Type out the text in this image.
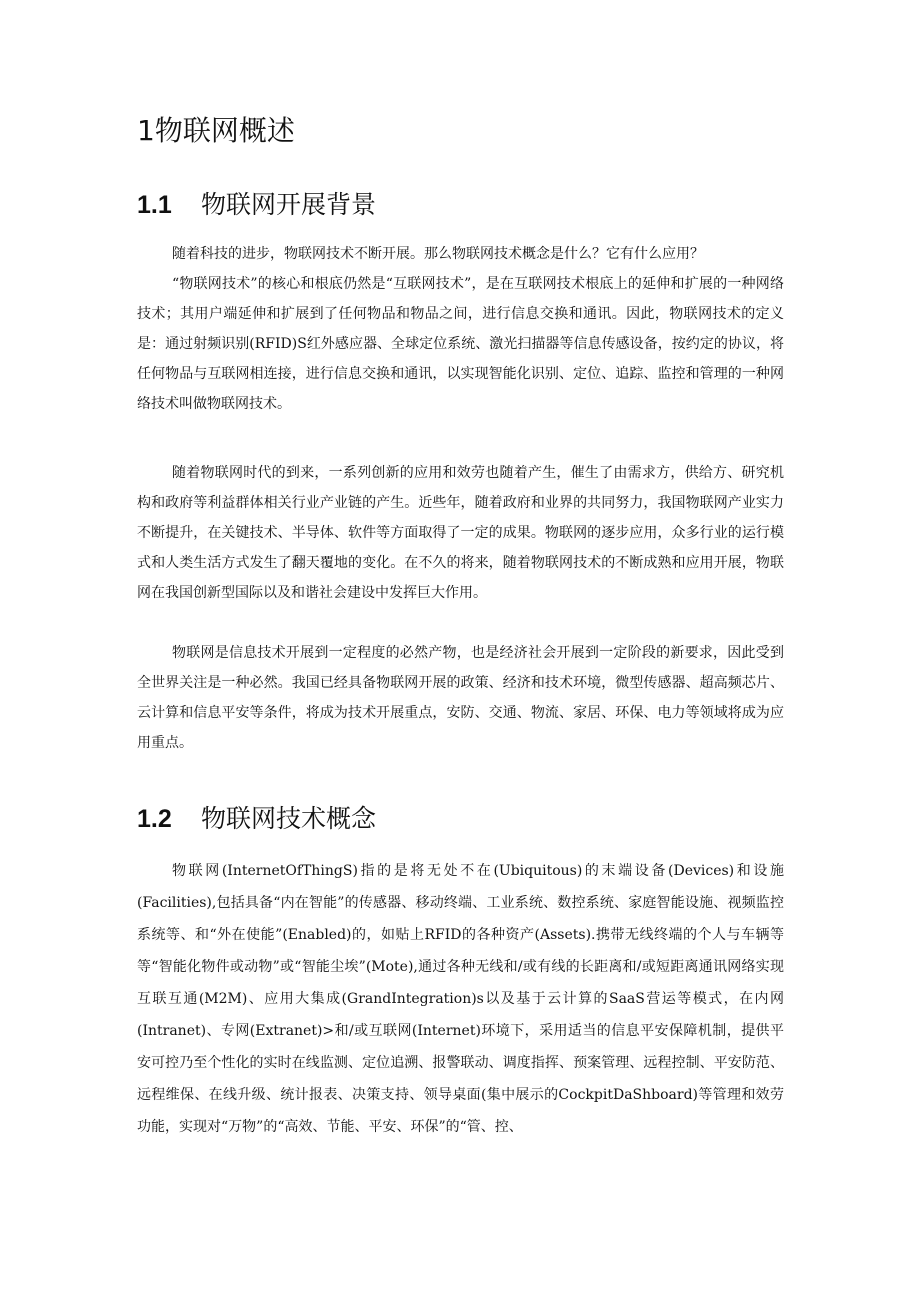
1物联网概述
1.1 物联网开展背景

随着科技的进步，物联网技术不断开展。那么物联网技术概念是什么？它有什么应用？

“物联网技术”的核心和根底仍然是“互联网技术”，是在互联网技术根底上的延伸和扩展的一种网络技术；其用户端延伸和扩展到了任何物品和物品之间，进行信息交换和通讯。因此，物联网技术的定义是：通过射频识别(RFID)S红外感应器、全球定位系统、激光扫描器等信息传感设备，按约定的协议，将任何物品与互联网相连接，进行信息交换和通讯，以实现智能化识别、定位、追踪、监控和管理的一种网络技术叫做物联网技术。

随着物联网时代的到来，一系列创新的应用和效劳也随着产生，催生了由需求方，供给方、研究机构和政府等利益群体相关行业产业链的产生。近些年，随着政府和业界的共同努力，我国物联网产业实力不断提升，在关键技术、半导体、软件等方面取得了一定的成果。物联网的逐步应用，众多行业的运行模式和人类生活方式发生了翻天覆地的变化。在不久的将来，随着物联网技术的不断成熟和应用开展，物联网在我国创新型国际以及和谐社会建设中发挥巨大作用。

物联网是信息技术开展到一定程度的必然产物，也是经济社会开展到一定阶段的新要求，因此受到全世界关注是一种必然。我国已经具备物联网开展的政策、经济和技术环境，微型传感器、超高频芯片、云计算和信息平安等条件，将成为技术开展重点，安防、交通、物流、家居、环保、电力等领域将成为应用重点。

1.2 物联网技术概念

物联网(InternetOfThingS)指的是将无处不在(Ubiquitous)的末端设备(Devices)和设施(Facilities),包括具备“内在智能”的传感器、移动终端、工业系统、数控系统、家庭智能设施、视频监控系统等、和“外在使能”(Enabled)的，如贴上RFID的各种资产(Assets).携带无线终端的个人与车辆等等“智能化物件或动物”或“智能尘埃”(Mote),通过各种无线和/或有线的长距离和/或短距离通讯网络实现互联互通(M2M)、应用大集成(GrandIntegration)s以及基于云计算的SaaS营运等模式，在内网(Intranet)、专网(Extranet)>和/或互联网(Internet)环境下，采用适当的信息平安保障机制，提供平安可控乃至个性化的实时在线监测、定位追溯、报警联动、调度指挥、预案管理、远程控制、平安防范、远程维保、在线升级、统计报表、决策支持、领导桌面(集中展示的CockpitDaShboard)等管理和效劳功能，实现对“万物”的“高效、节能、平安、环保”的“管、控、
